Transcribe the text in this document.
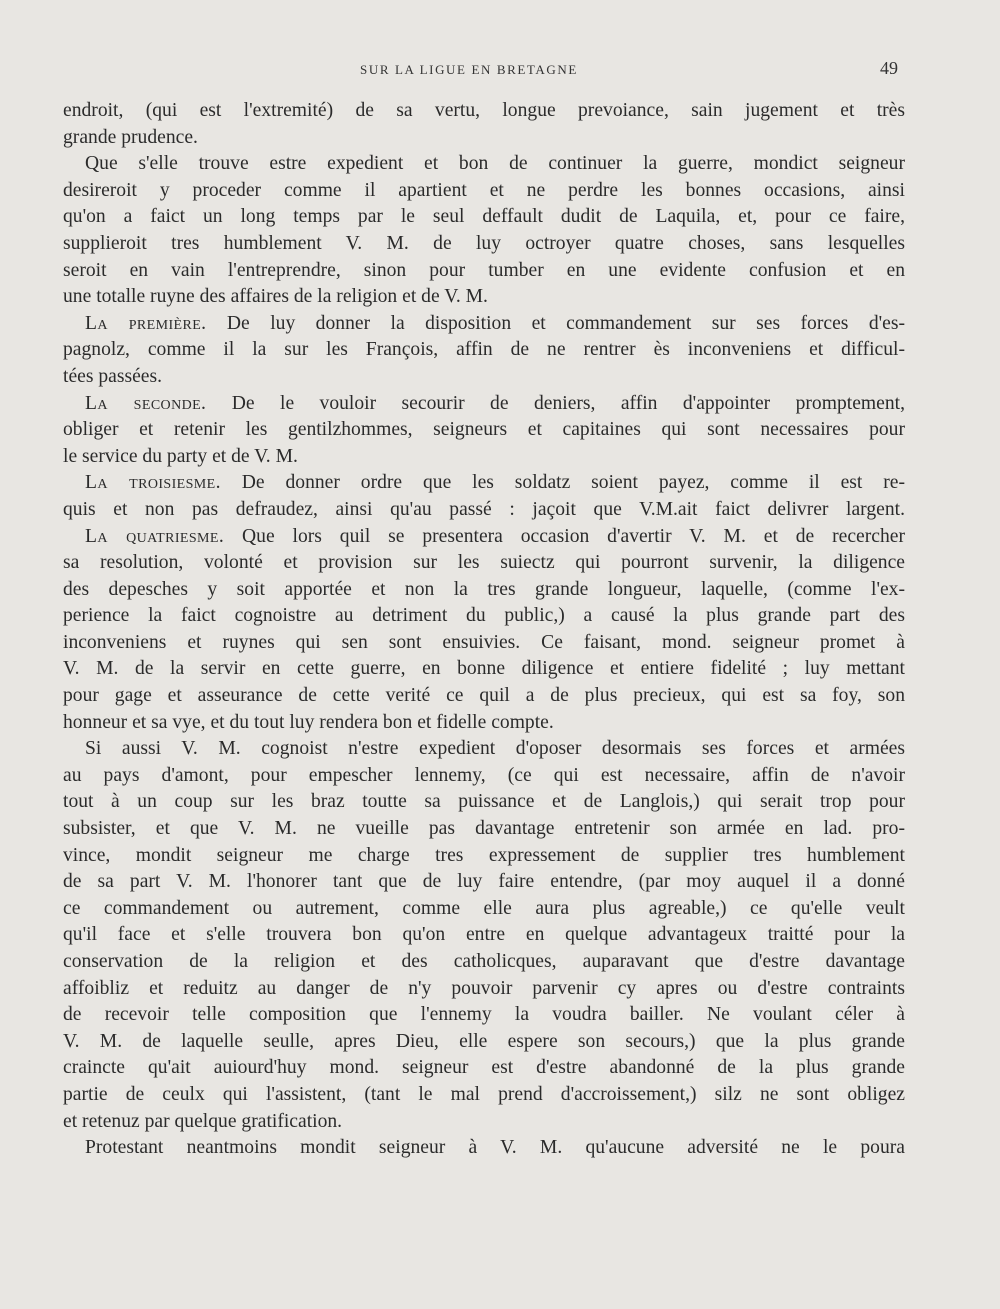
SUR LA LIGUE EN BRETAGNE	49
endroit, (qui est l'extremité) de sa vertu, longue prevoiance, sain jugement et très
grande prudence.
Que s'elle trouve estre expedient et bon de continuer la guerre, mondict seigneur
desireroit y proceder comme il apartient et ne perdre les bonnes occasions, ainsi
qu'on a faict un long temps par le seul deffault dudit de Laquila, et, pour ce faire,
supplieroit tres humblement V. M. de luy octroyer quatre choses, sans lesquelles
seroit en vain l'entreprendre, sinon pour tumber en une evidente confusion et en
une totalle ruyne des affaires de la religion et de V. M.
La première. De luy donner la disposition et commandement sur ses forces d'es-
pagnolz, comme il la sur les François, affin de ne rentrer ès inconveniens et difficul-
tées passées.
La seconde. De le vouloir secourir de deniers, affin d'appointer promptement,
obliger et retenir les gentilzhommes, seigneurs et capitaines qui sont necessaires pour
le service du party et de V. M.
La troisiesme. De donner ordre que les soldatz soient payez, comme il est re-
quis et non pas defraudez, ainsi qu'au passé : jaçoit que V.M.ait faict delivrer largent.
La quatriesme. Que lors quil se presentera occasion d'avertir V. M. et de recercher
sa resolution, volonté et provision sur les suiectz qui pourront survenir, la diligence
des depesches y soit apportée et non la tres grande longueur, laquelle, (comme l'ex-
perience la faict cognoistre au detriment du public,) a causé la plus grande part des
inconveniens et ruynes qui sen sont ensuivies. Ce faisant, mond. seigneur promet à
V. M. de la servir en cette guerre, en bonne diligence et entiere fidelité ; luy mettant
pour gage et asseurance de cette verité ce quil a de plus precieux, qui est sa foy, son
honneur et sa vye, et du tout luy rendera bon et fidelle compte.
Si aussi V. M. cognoist n'estre expedient d'oposer desormais ses forces et armées
au pays d'amont, pour empescher lennemy, (ce qui est necessaire, affin de n'avoir
tout à un coup sur les braz toutte sa puissance et de Langlois,) qui serait trop pour
subsister, et que V. M. ne vueille pas davantage entretenir son armée en lad. pro-
vince, mondit seigneur me charge tres expressement de supplier tres humblement
de sa part V. M. l'honorer tant que de luy faire entendre, (par moy auquel il a donné
ce commandement ou autrement, comme elle aura plus agreable,) ce qu'elle veult
qu'il face et s'elle trouvera bon qu'on entre en quelque advantageux traitté pour la
conservation de la religion et des catholicques, auparavant que d'estre davantage
affoibliz et reduitz au danger de n'y pouvoir parvenir cy apres ou d'estre contraints
de recevoir telle composition que l'ennemy la voudra bailler. Ne voulant céler à
V. M. de laquelle seulle, apres Dieu, elle espere son secours,) que la plus grande
craincte qu'ait auiourd'huy mond. seigneur est d'estre abandonné de la plus grande
partie de ceulx qui l'assistent, (tant le mal prend d'accroissement,) silz ne sont obligez
et retenuz par quelque gratification.
Protestant neantmoins mondit seigneur à V. M. qu'aucune adversité ne le poura
